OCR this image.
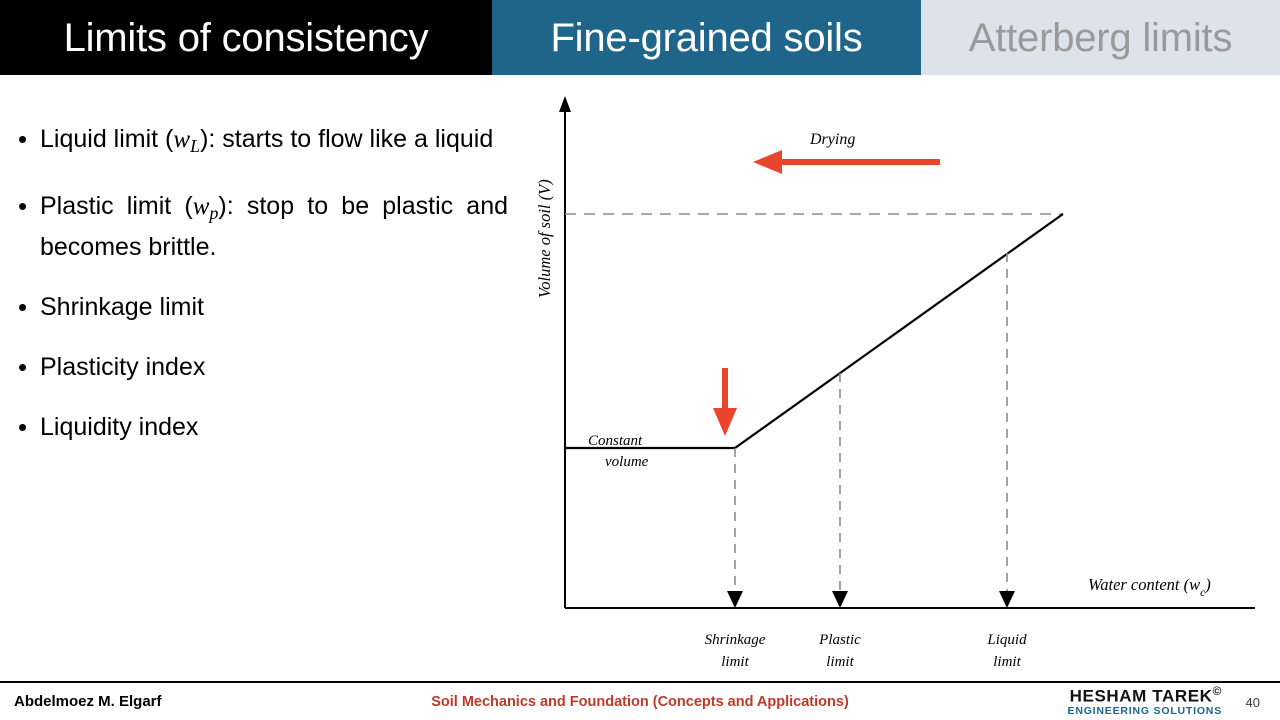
Limits of consistency	Fine-grained soils	Atterberg limits
• Liquid limit $(w_L)$: starts to flow like a liquid
• Plastic limit $(w_p)$: stop to be plastic and becomes brittle.
• Shrinkage limit
• Plasticity index
• Liquidity index
Volume of soil (V)
Water content $(w_c)$
Drying
Constant
volume
Shrinkage
limit
Plastic
limit
Liquid
limit
Abdelmoez M. Elgarf	Soil Mechanics and Foundation (Concepts and Applications)	HESHAM TAREK©
ENGINEERING SOLUTIONS
40
